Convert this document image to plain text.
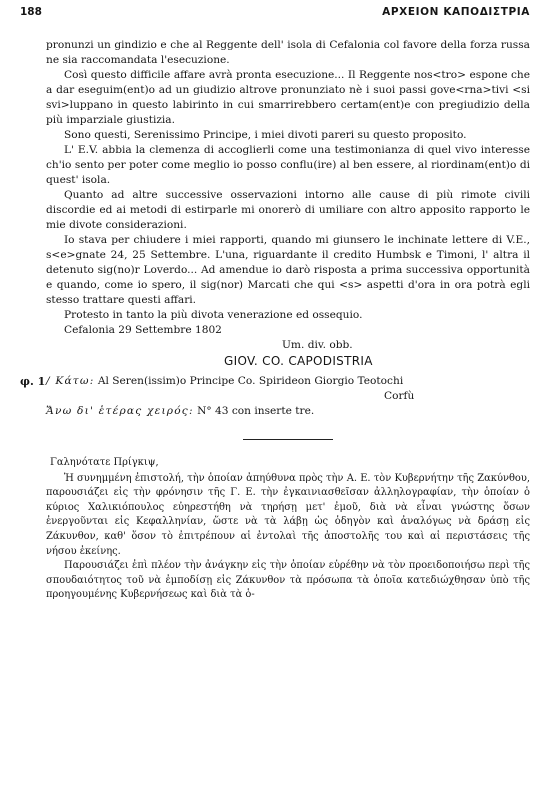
188	ΑΡΧΕΙΟΝ ΚΑΠΟΔΙΣΤΡΙΑ

pronunzi un gindizio e che al Reggente dell' isola di Cefalonia col favore della forza russa ne sia raccomandata l'esecuzione.

Così questo difficile affare avrà pronta esecuzione... Il Reggente nos<tro> espone che a dar eseguim(ent)o ad un giudizio altrove pronunziato nè i suoi passi gove<rna>tivi <si svi>luppano in questo labirinto in cui smarrirebbero certam(ent)e con pregiudizio della più imparziale giustizia.

Sono questi, Serenissimo Principe, i miei divoti pareri su questo proposito.

L' E.V. abbia la clemenza di accoglierli come una testimonianza di quel vivo interesse ch'io sento per poter come meglio io posso conflu(ire) al ben essere, al riordinam(ent)o di quest' isola.

Quanto ad altre successive osservazioni intorno alle cause di più rimote civili discordie ed ai metodi di estirparle mi onorerò di umiliare con altro apposito rapporto le mie divote considerazioni.

Io stava per chiudere i miei rapporti, quando mi giunsero le inchinate lettere di V.E., s<e>gnate 24, 25 Settembre. L'una, riguardante il credito Humbsk e Timoni, l' altra il detenuto sig(no)r Loverdo... Ad amendue io darò risposta a prima successiva opportunità e quando, come io spero, il sig(nor) Marcati che qui <s> aspetti d'ora in ora potrà egli stesso trattare questi affari.

Protesto in tanto la più divota venerazione ed ossequio.

Cefalonia 29 Settembre 1802

Um. div. obb.

GIOV. CO. CAPODISTRIA

φ. 1 / Κάτω: Al Seren(issim)o Principe Co. Spirideon Giorgio Teotochi

Corfù

Ἄνω δι' ἑτέρας χειρός: N° 43 con inserte tre.

Γαληνότατε Πρίγκιψ,

Ἡ συνημμένη ἐπιστολή, τὴν ὁποίαν ἀπηύθυνα πρὸς τὴν Α. Ε. τὸν Κυβερνήτην τῆς Ζακύνθου, παρουσιάζει εἰς τὴν φρόνησιν τῆς Γ. Ε. τὴν ἐγκαινιασθεῖσαν ἀλληλογραφίαν, τὴν ὁποίαν ὁ κύριος Χαλικιόπουλος εὐηρεστήθη νὰ τηρήσῃ μετ' ἐμοῦ, διὰ νὰ εἶναι γνώστης ὅσων ἐνεργοῦνται εἰς Κεφαλληνίαν, ὥστε νὰ τὰ λάβῃ ὡς ὁδηγὸν καὶ ἀναλόγως νὰ δράσῃ εἰς Ζάκυνθον, καθ' ὅσον τὸ ἐπιτρέπουν αἱ ἐντολαὶ τῆς ἀποστολῆς του καὶ αἱ περιστάσεις τῆς νήσου ἐκείνης.

Παρουσιάζει ἐπὶ πλέον τὴν ἀνάγκην εἰς τὴν ὁποίαν εὑρέθην νὰ τὸν προειδοποιήσω περὶ τῆς σπουδαιότητος τοῦ νὰ ἐμποδίσῃ εἰς Ζάκυνθον τὰ πρόσωπα τὰ ὁποῖα κατεδιώχθησαν ὑπὸ τῆς προηγουμένης Κυβερνήσεως καὶ διὰ τὰ ὁ-
